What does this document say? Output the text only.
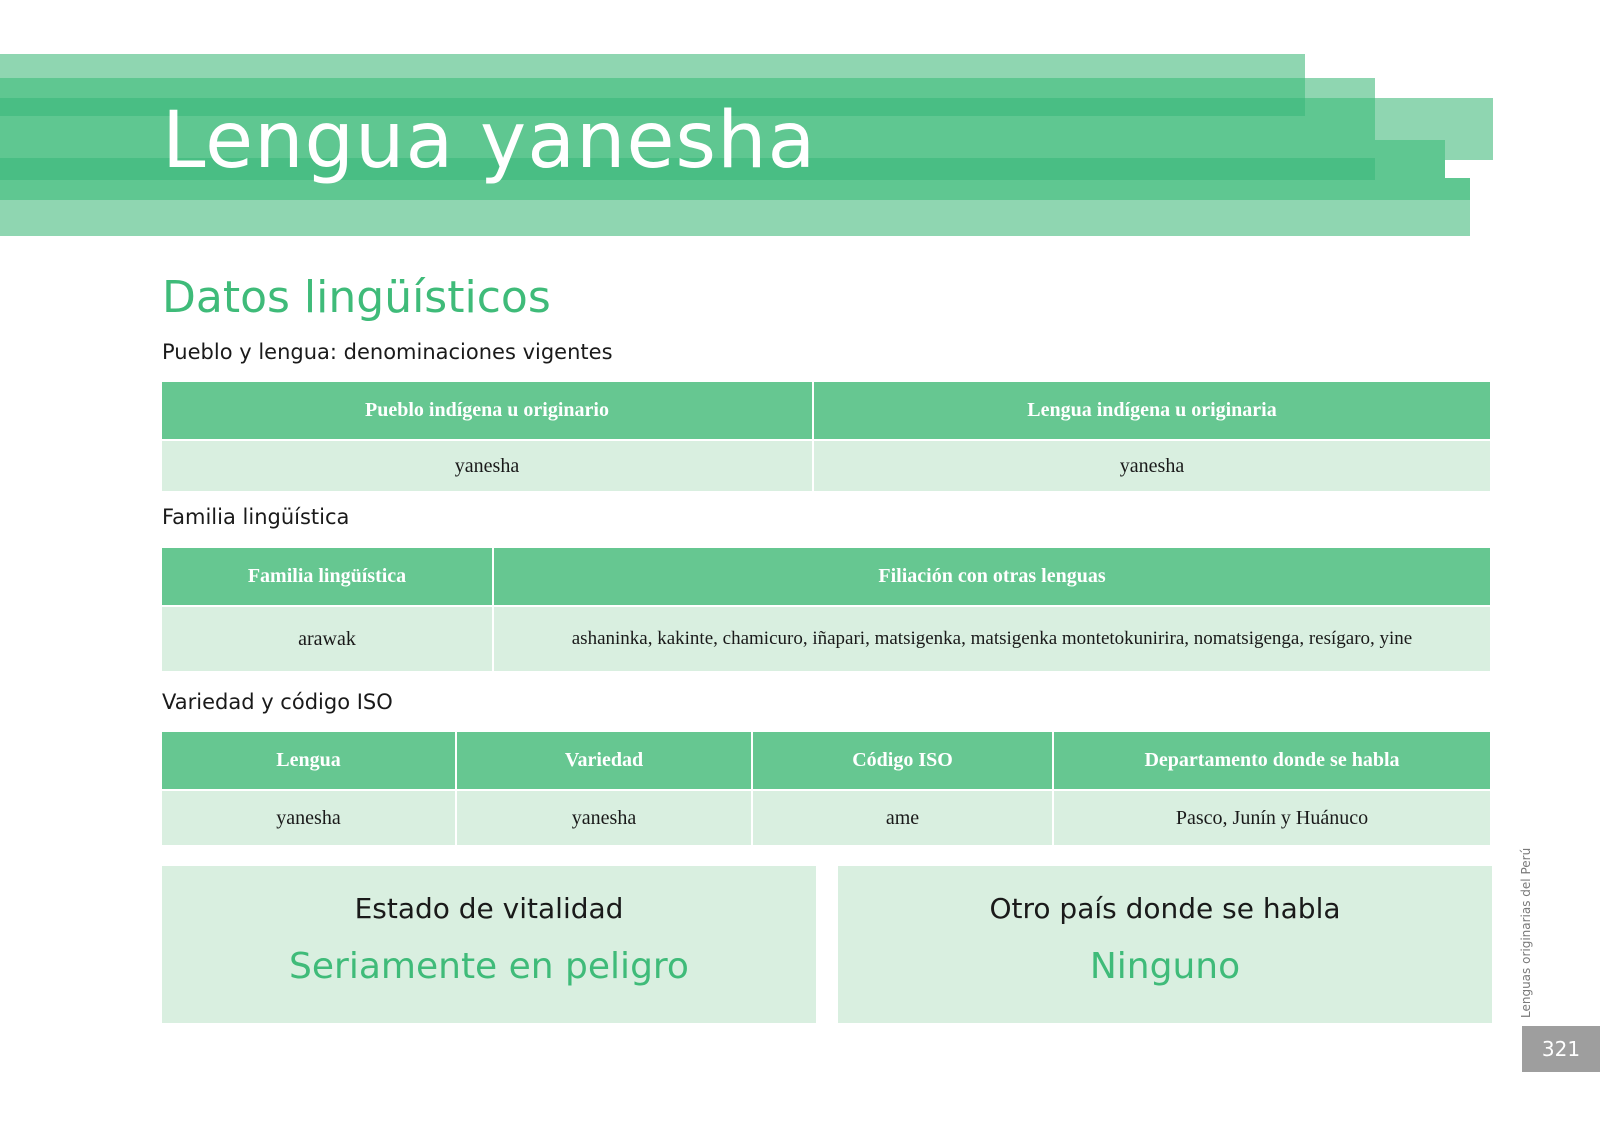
Lengua yanesha
Datos lingüísticos
Pueblo y lengua: denominaciones vigentes
Pueblo indígena u originario	Lengua indígena u originaria
yanesha	yanesha
Familia lingüística
Familia lingüística	Filiación con otras lenguas
arawak	ashaninka, kakinte, chamicuro, iñapari, matsigenka, matsigenka montetokunirira, nomatsigenga, resígaro, yine
Variedad y código ISO
Lengua	Variedad	Código ISO	Departamento donde se habla
yanesha	yanesha	ame	Pasco, Junín y Huánuco
Estado de vitalidad
Seriamente en peligro
Otro país donde se habla
Ninguno	Lenguas originarias del Perú
321
